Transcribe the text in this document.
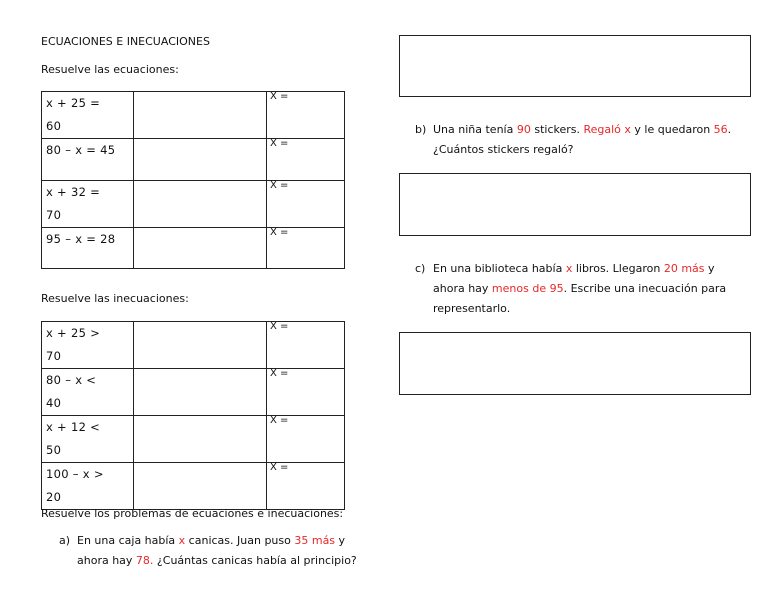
ECUACIONES E INECUACIONES
Resuelve las ecuaciones:
x + 25 =
60		X =

80 – x = 45		X =

x + 32 =
70		X =

95 – x = 28		X =
Resuelve las inecuaciones:
x + 25 >
70		X =

80 – x <
40		X =

x + 12 <
50		X =

100 – x >
20		X =
Resuelve los problemas de ecuaciones e inecuaciones:
a) En una caja había x canicas. Juan puso 35 más y
ahora hay 78. ¿Cuántas canicas había al principio?
b) Una niña tenía 90 stickers. Regaló x y le quedaron 56.
¿Cuántos stickers regaló?
c) En una biblioteca había x libros. Llegaron 20 más y
ahora hay menos de 95. Escribe una inecuación para
representarlo.
